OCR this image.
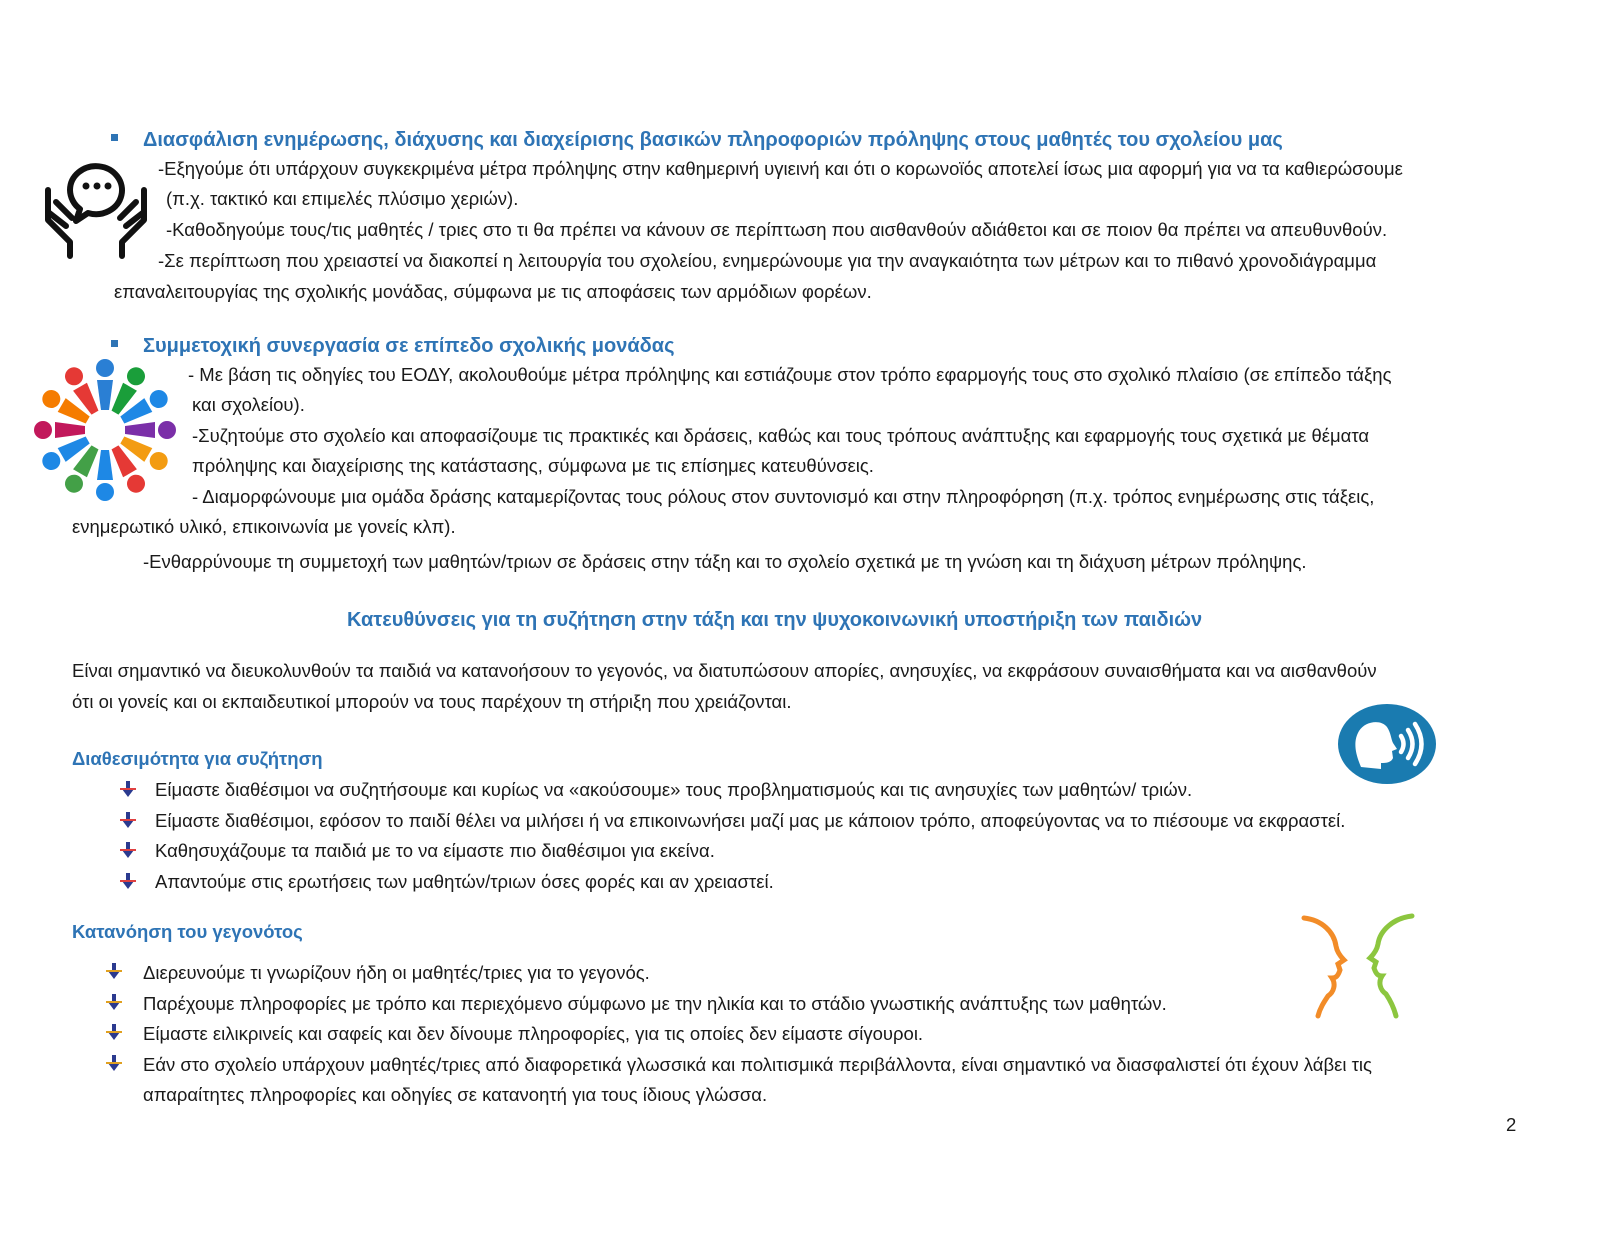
Διασφάλιση ενημέρωσης, διάχυσης και διαχείρισης βασικών πληροφοριών πρόληψης στους μαθητές του σχολείου μας
-Εξηγούμε ότι υπάρχουν συγκεκριμένα μέτρα πρόληψης στην καθημερινή υγιεινή και ότι ο κορωνοϊός αποτελεί ίσως μια αφορμή για να τα καθιερώσουμε
(π.χ. τακτικό και επιμελές πλύσιμο χεριών).
-Καθοδηγούμε τους/τις μαθητές / τριες στο τι θα πρέπει να κάνουν σε περίπτωση που αισθανθούν αδιάθετοι και σε ποιον θα πρέπει να απευθυνθούν.
-Σε περίπτωση που χρειαστεί να διακοπεί η λειτουργία του σχολείου, ενημερώνουμε για την αναγκαιότητα των μέτρων και το πιθανό χρονοδιάγραμμα
επαναλειτουργίας της σχολικής μονάδας, σύμφωνα με τις αποφάσεις των αρμόδιων φορέων.
Συμμετοχική συνεργασία σε επίπεδο σχολικής μονάδας
- Με βάση τις οδηγίες του ΕΟΔΥ, ακολουθούμε μέτρα πρόληψης και εστιάζουμε στον τρόπο εφαρμογής τους στο σχολικό πλαίσιο (σε επίπεδο τάξης
και σχολείου).
-Συζητούμε στο σχολείο και αποφασίζουμε τις πρακτικές και δράσεις, καθώς και τους τρόπους ανάπτυξης και εφαρμογής τους σχετικά με θέματα
πρόληψης και διαχείρισης της κατάστασης, σύμφωνα με τις επίσημες κατευθύνσεις.
- Διαμορφώνουμε μια ομάδα δράσης καταμερίζοντας τους ρόλους στον συντονισμό και στην πληροφόρηση (π.χ. τρόπος ενημέρωσης στις τάξεις,
ενημερωτικό υλικό, επικοινωνία με γονείς κλπ).
-Ενθαρρύνουμε τη συμμετοχή των μαθητών/τριων σε δράσεις στην τάξη και το σχολείο σχετικά με τη γνώση και τη διάχυση μέτρων πρόληψης.
Κατευθύνσεις για τη συζήτηση στην τάξη και την ψυχοκοινωνική υποστήριξη των παιδιών
Είναι σημαντικό να διευκολυνθούν τα παιδιά να κατανοήσουν το γεγονός, να διατυπώσουν απορίες, ανησυχίες, να εκφράσουν συναισθήματα και να αισθανθούν
ότι οι γονείς και οι εκπαιδευτικοί μπορούν να τους παρέχουν τη στήριξη που χρειάζονται.
Διαθεσιμότητα για συζήτηση
Είμαστε διαθέσιμοι να συζητήσουμε και κυρίως να «ακούσουμε» τους προβληματισμούς και τις ανησυχίες των μαθητών/ τριών.
Είμαστε διαθέσιμοι, εφόσον το παιδί θέλει να μιλήσει ή να επικοινωνήσει μαζί μας με κάποιον τρόπο, αποφεύγοντας να το πιέσουμε να εκφραστεί.
Καθησυχάζουμε τα παιδιά με το να είμαστε πιο διαθέσιμοι για εκείνα.
Απαντούμε στις ερωτήσεις των μαθητών/τριων όσες φορές και αν χρειαστεί.
Κατανόηση του γεγονότος
Διερευνούμε τι γνωρίζουν ήδη οι μαθητές/τριες για το γεγονός.
Παρέχουμε πληροφορίες με τρόπο και περιεχόμενο σύμφωνο με την ηλικία και το στάδιο γνωστικής ανάπτυξης των μαθητών.
Είμαστε ειλικρινείς και σαφείς και δεν δίνουμε πληροφορίες, για τις οποίες δεν είμαστε σίγουροι.
Εάν στο σχολείο υπάρχουν μαθητές/τριες από διαφορετικά γλωσσικά και πολιτισμικά περιβάλλοντα, είναι σημαντικό να διασφαλιστεί ότι έχουν λάβει τις
απαραίτητες πληροφορίες και οδηγίες σε κατανοητή για τους ίδιους γλώσσα.
2
